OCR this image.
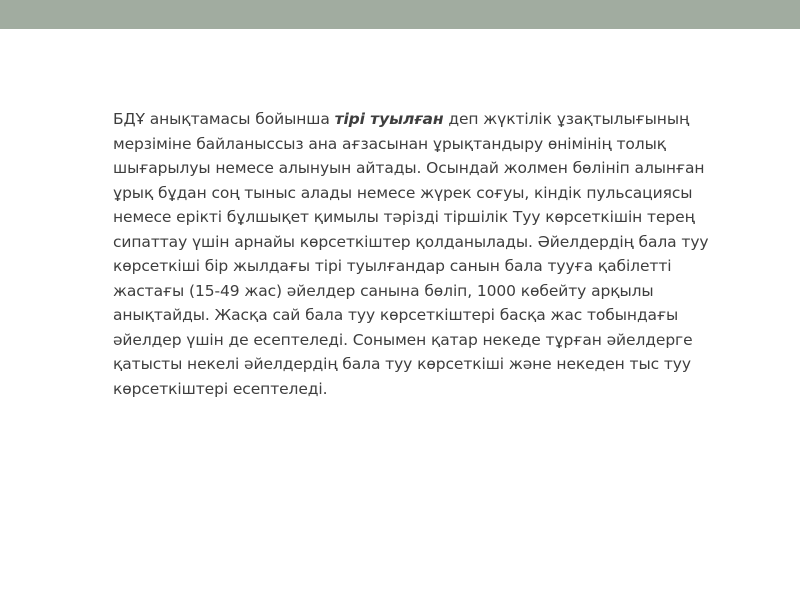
БДҰ анықтамасы бойынша тірі туылған деп жүктілік ұзақтылығының мерзіміне байланыссыз ана ағзасынан ұрықтандыру өнімінің толық шығарылуы немесе алынуын айтады. Осындай жолмен бөлініп алынған ұрық бұдан соң тыныс алады немесе жүрек соғуы, кіндік пульсациясы немесе ерікті бұлшықет қимылы тәрізді тіршілік Туу көрсеткішін терең сипаттау үшін арнайы көрсеткіштер қолданылады. Әйелдердің бала туу көрсеткіші бір жылдағы тірі туылғандар санын бала тууға қабілетті жастағы (15-49 жас) әйелдер санына бөліп, 1000 көбейту арқылы анықтайды. Жасқа сай бала туу көрсеткіштері басқа жас тобындағы әйелдер үшін де есептеледі. Сонымен қатар некеде тұрған әйелдерге қатысты некелі әйелдердің бала туу көрсеткіші және некеден тыс туу көрсеткіштері есептеледі.
